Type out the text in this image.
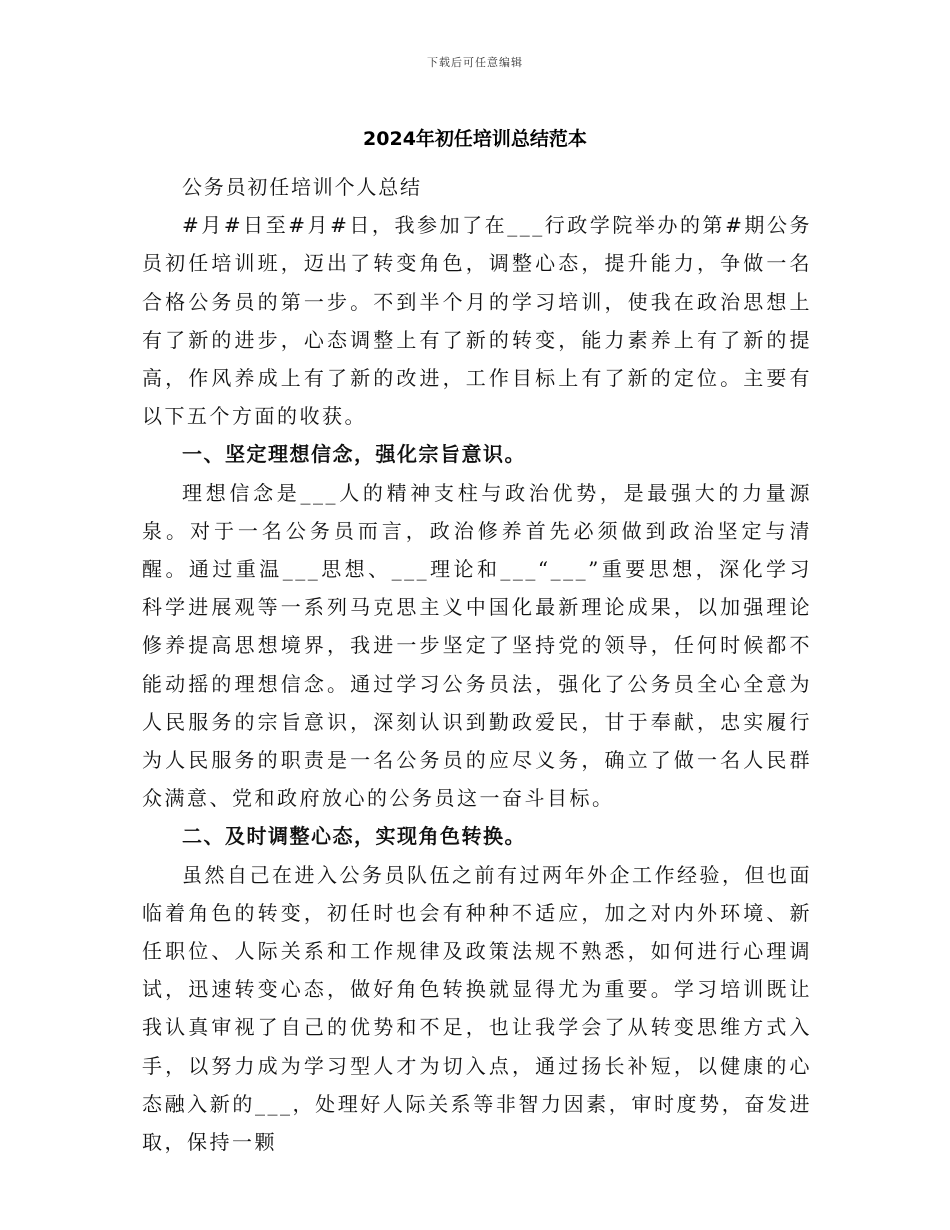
下载后可任意编辑
2024年初任培训总结范本

公务员初任培训个人总结

#月#日至#月#日，我参加了在___行政学院举办的第#期公务员初任培训班，迈出了转变角色，调整心态，提升能力，争做一名合格公务员的第一步。不到半个月的学习培训，使我在政治思想上有了新的进步，心态调整上有了新的转变，能力素养上有了新的提高，作风养成上有了新的改进，工作目标上有了新的定位。主要有以下五个方面的收获。

一、坚定理想信念，强化宗旨意识。

理想信念是___人的精神支柱与政治优势，是最强大的力量源泉。对于一名公务员而言，政治修养首先必须做到政治坚定与清醒。通过重温___思想、___理论和___“___”重要思想，深化学习科学进展观等一系列马克思主义中国化最新理论成果，以加强理论修养提高思想境界，我进一步坚定了坚持党的领导，任何时候都不能动摇的理想信念。通过学习公务员法，强化了公务员全心全意为人民服务的宗旨意识，深刻认识到勤政爱民，甘于奉献，忠实履行为人民服务的职责是一名公务员的应尽义务，确立了做一名人民群众满意、党和政府放心的公务员这一奋斗目标。

二、及时调整心态，实现角色转换。

虽然自己在进入公务员队伍之前有过两年外企工作经验，但也面临着角色的转变，初任时也会有种种不适应，加之对内外环境、新任职位、人际关系和工作规律及政策法规不熟悉，如何进行心理调试，迅速转变心态，做好角色转换就显得尤为重要。学习培训既让我认真审视了自己的优势和不足，也让我学会了从转变思维方式入手，以努力成为学习型人才为切入点，通过扬长补短，以健康的心态融入新的___，处理好人际关系等非智力因素，审时度势，奋发进取，保持一颗
